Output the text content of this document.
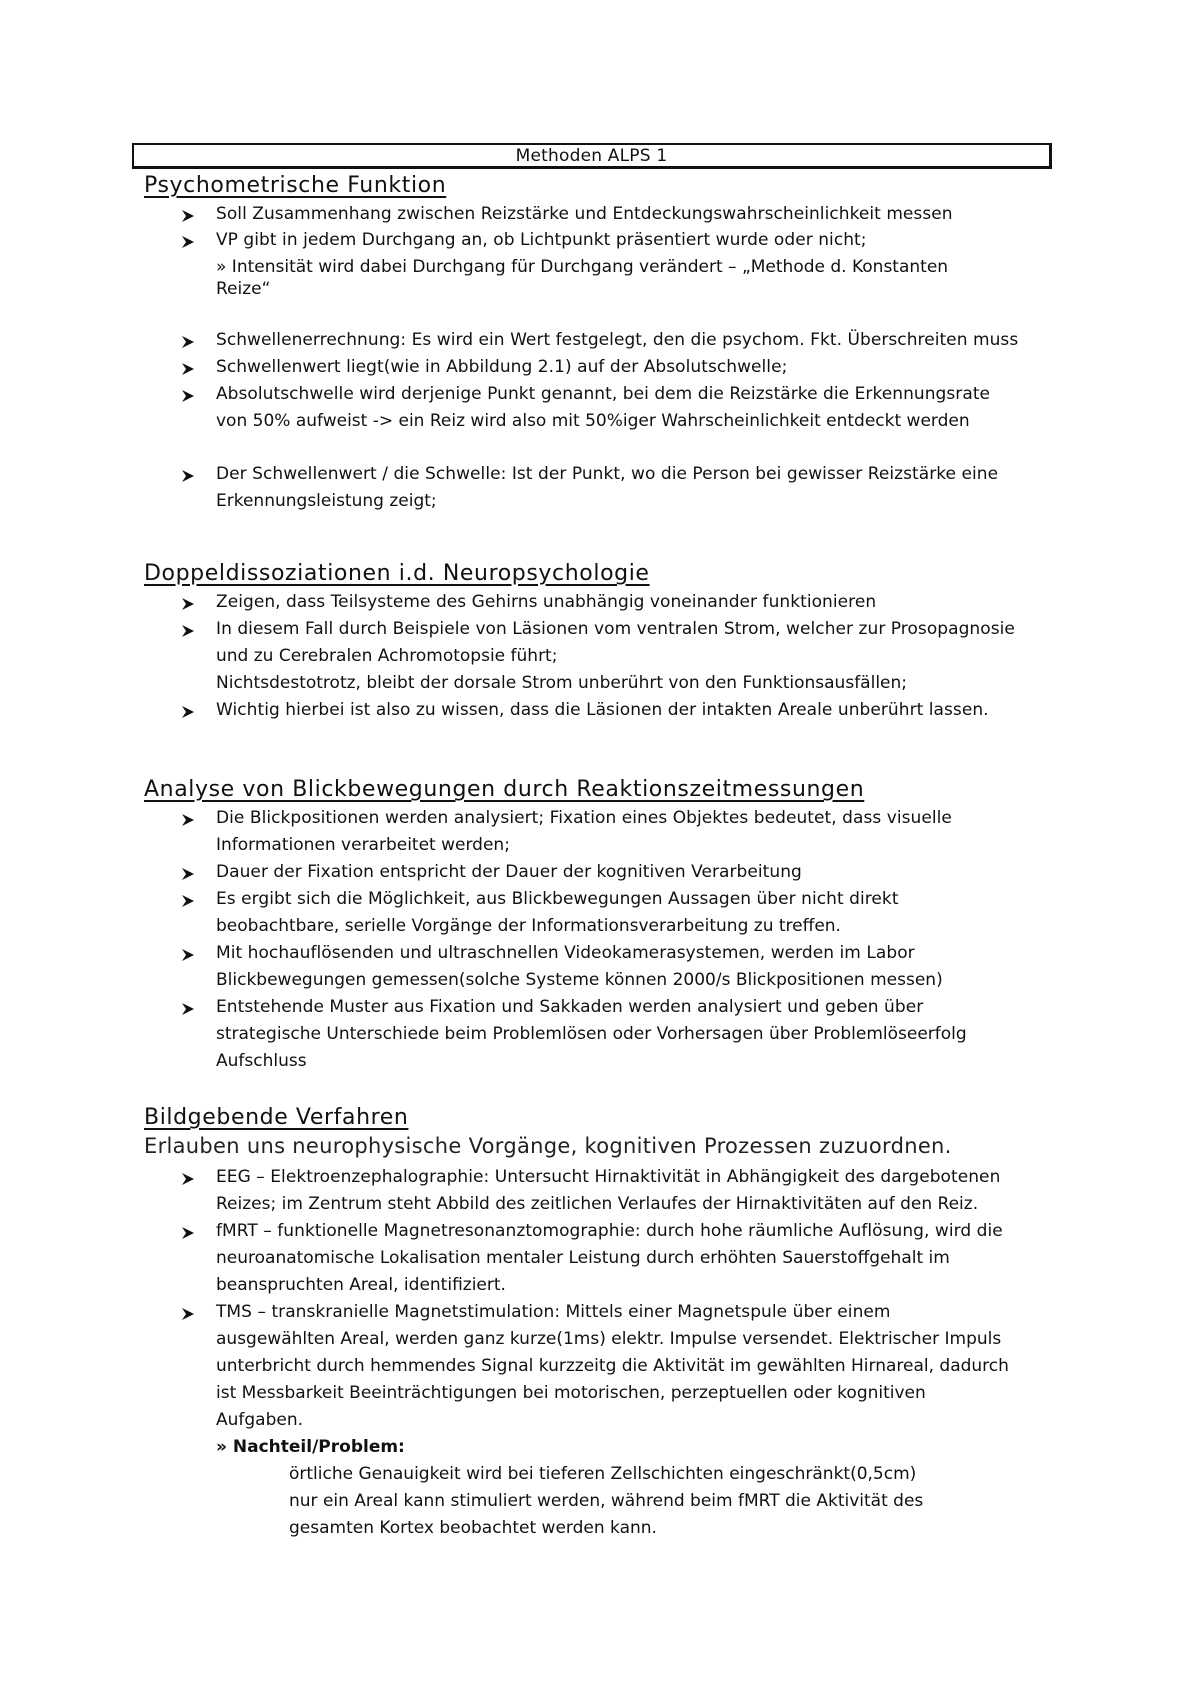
Methoden ALPS 1
Psychometrische Funktion
Soll Zusammenhang zwischen Reizstärke und Entdeckungswahrscheinlichkeit messen
VP gibt in jedem Durchgang an, ob Lichtpunkt präsentiert wurde oder nicht;
» Intensität wird dabei Durchgang für Durchgang verändert – „Methode d. Konstanten
Reize“
Schwellenerrechnung: Es wird ein Wert festgelegt, den die psychom. Fkt. Überschreiten muss
Schwellenwert liegt(wie in Abbildung 2.1) auf der Absolutschwelle;
Absolutschwelle wird derjenige Punkt genannt, bei dem die Reizstärke die Erkennungsrate
von 50% aufweist -> ein Reiz wird also mit 50%iger Wahrscheinlichkeit entdeckt werden
Der Schwellenwert / die Schwelle: Ist der Punkt, wo die Person bei gewisser Reizstärke eine
Erkennungsleistung zeigt;
Doppeldissoziationen i.d. Neuropsychologie
Zeigen, dass Teilsysteme des Gehirns unabhängig voneinander funktionieren
In diesem Fall durch Beispiele von Läsionen vom ventralen Strom, welcher zur Prosopagnosie
und zu Cerebralen Achromotopsie führt;
Nichtsdestotrotz, bleibt der dorsale Strom unberührt von den Funktionsausfällen;
Wichtig hierbei ist also zu wissen, dass die Läsionen der intakten Areale unberührt lassen.
Analyse von Blickbewegungen durch Reaktionszeitmessungen
Die Blickpositionen werden analysiert; Fixation eines Objektes bedeutet, dass visuelle
Informationen verarbeitet werden;
Dauer der Fixation entspricht der Dauer der kognitiven Verarbeitung
Es ergibt sich die Möglichkeit, aus Blickbewegungen Aussagen über nicht direkt
beobachtbare, serielle Vorgänge der Informationsverarbeitung zu treffen.
Mit hochauflösenden und ultraschnellen Videokamerasystemen, werden im Labor
Blickbewegungen gemessen(solche Systeme können 2000/s Blickpositionen messen)
Entstehende Muster aus Fixation und Sakkaden werden analysiert und geben über
strategische Unterschiede beim Problemlösen oder Vorhersagen über Problemlöseerfolg
Aufschluss
Bildgebende Verfahren
Erlauben uns neurophysische Vorgänge, kognitiven Prozessen zuzuordnen.
EEG – Elektroenzephalographie: Untersucht Hirnaktivität in Abhängigkeit des dargebotenen
Reizes; im Zentrum steht Abbild des zeitlichen Verlaufes der Hirnaktivitäten auf den Reiz.
fMRT – funktionelle Magnetresonanztomographie: durch hohe räumliche Auflösung, wird die
neuroanatomische Lokalisation mentaler Leistung durch erhöhten Sauerstoffgehalt im
beanspruchten Areal, identifiziert.
TMS – transkranielle Magnetstimulation: Mittels einer Magnetspule über einem
ausgewählten Areal, werden ganz kurze(1ms) elektr. Impulse versendet. Elektrischer Impuls
unterbricht durch hemmendes Signal kurzzeitg die Aktivität im gewählten Hirnareal, dadurch
ist Messbarkeit Beeinträchtigungen bei motorischen, perzeptuellen oder kognitiven
Aufgaben.
» Nachteil/Problem:
örtliche Genauigkeit wird bei tieferen Zellschichten eingeschränkt(0,5cm)
nur ein Areal kann stimuliert werden, während beim fMRT die Aktivität des
gesamten Kortex beobachtet werden kann.
